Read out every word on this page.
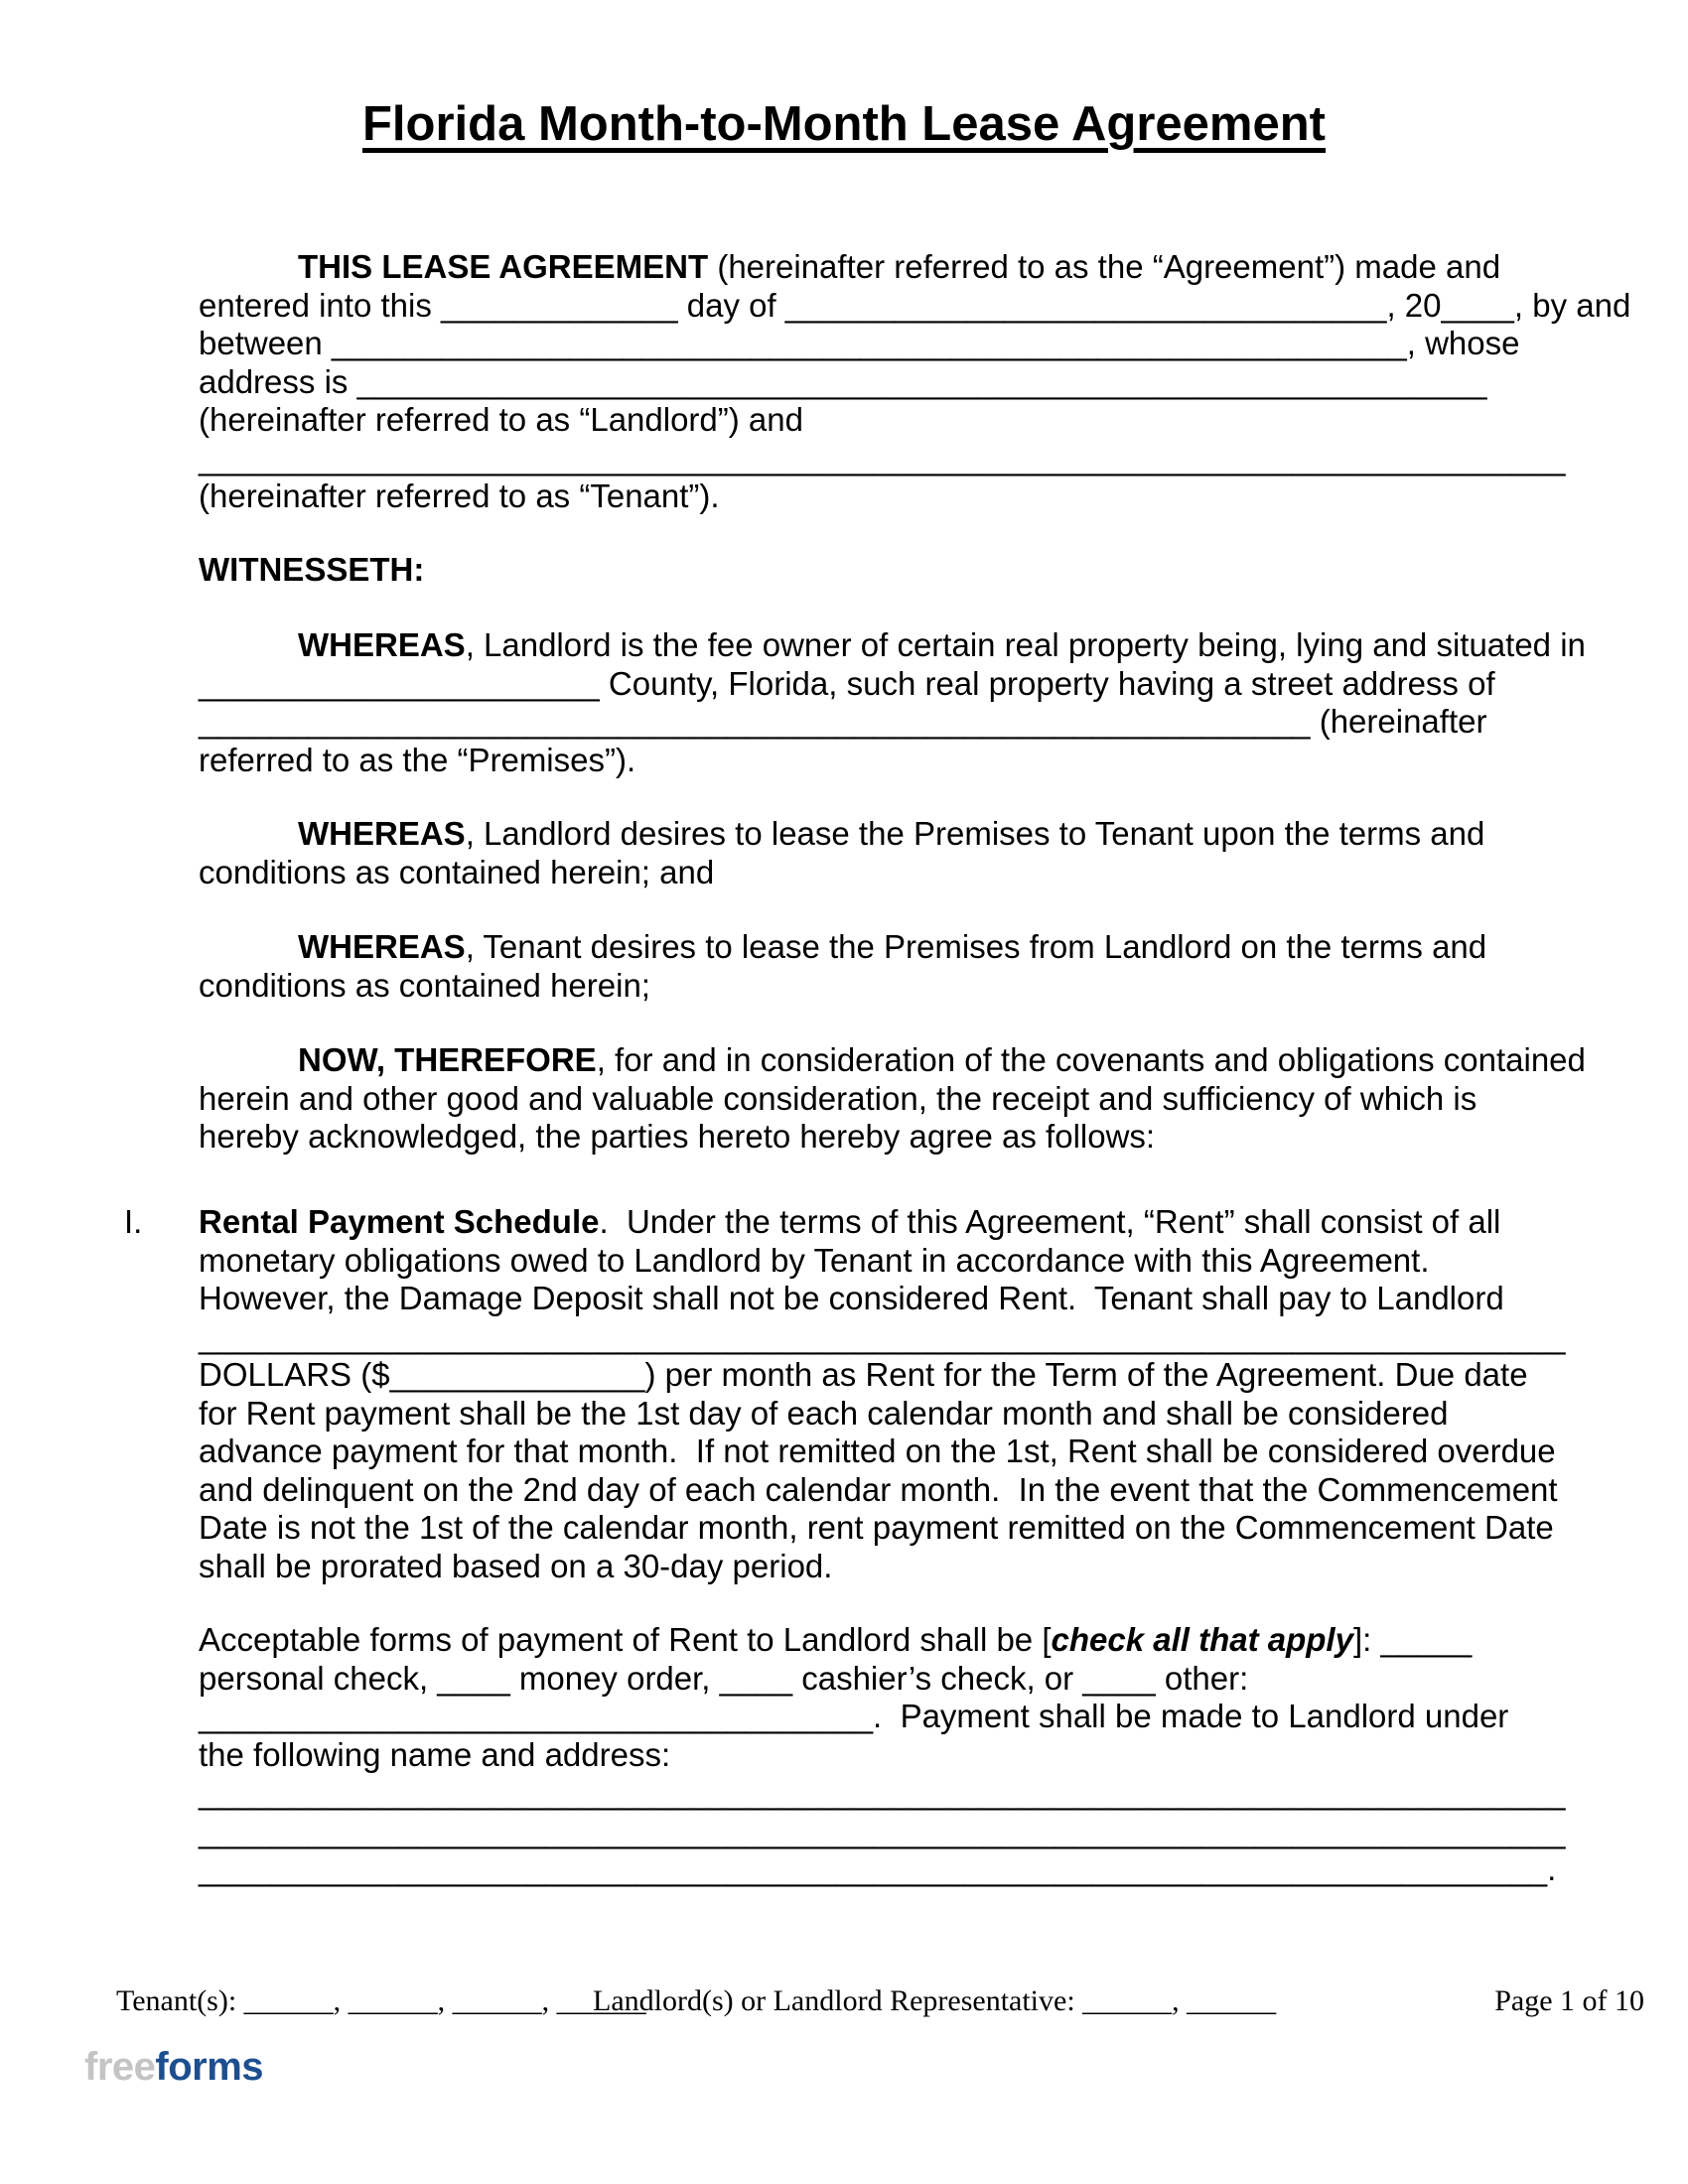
Florida Month-to-Month Lease Agreement
THIS LEASE AGREEMENT (hereinafter referred to as the “Agreement”) made and
entered into this _____________ day of _________________________________, 20____, by and
between ___________________________________________________________, whose
address is ______________________________________________________________
(hereinafter referred to as “Landlord”) and
___________________________________________________________________________
(hereinafter referred to as “Tenant”).
WITNESSETH:
WHEREAS, Landlord is the fee owner of certain real property being, lying and situated in
______________________ County, Florida, such real property having a street address of
_____________________________________________________________ (hereinafter
referred to as the “Premises”).
WHEREAS, Landlord desires to lease the Premises to Tenant upon the terms and
conditions as contained herein; and
WHEREAS, Tenant desires to lease the Premises from Landlord on the terms and
conditions as contained herein;
NOW, THEREFORE, for and in consideration of the covenants and obligations contained
herein and other good and valuable consideration, the receipt and sufficiency of which is
hereby acknowledged, the parties hereto hereby agree as follows:
I. Rental Payment Schedule.  Under the terms of this Agreement, “Rent” shall consist of all
monetary obligations owed to Landlord by Tenant in accordance with this Agreement.
However, the Damage Deposit shall not be considered Rent.  Tenant shall pay to Landlord
___________________________________________________________________________
DOLLARS ($______________) per month as Rent for the Term of the Agreement. Due date
for Rent payment shall be the 1st day of each calendar month and shall be considered
advance payment for that month.  If not remitted on the 1st, Rent shall be considered overdue
and delinquent on the 2nd day of each calendar month.  In the event that the Commencement
Date is not the 1st of the calendar month, rent payment remitted on the Commencement Date
shall be prorated based on a 30-day period.
Acceptable forms of payment of Rent to Landlord shall be [check all that apply]: _____
personal check, ____ money order, ____ cashier’s check, or ____ other:
_____________________________________.  Payment shall be made to Landlord under
the following name and address:
___________________________________________________________________________
___________________________________________________________________________
__________________________________________________________________________.
Tenant(s): ______, ______, ______, ______
Landlord(s) or Landlord Representative: ______, ______	Page 1 of 10
freeforms
